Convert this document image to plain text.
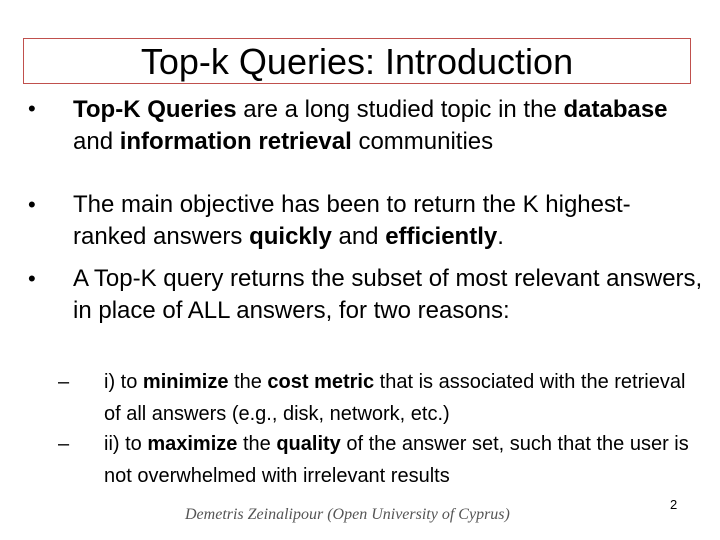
Top-k Queries: Introduction
• Top-K Queries are a long studied topic in the database and information retrieval communities
• The main objective has been to return the K highest-ranked answers quickly and efficiently.
• A Top-K query returns the subset of most relevant answers, in place of ALL answers, for two reasons:
– i) to minimize the cost metric that is associated with the retrieval of all answers (e.g., disk, network, etc.)
– ii) to maximize the quality of the answer set, such that the user is not overwhelmed with irrelevant results
Demetris Zeinalipour (Open University of Cyprus)
2
